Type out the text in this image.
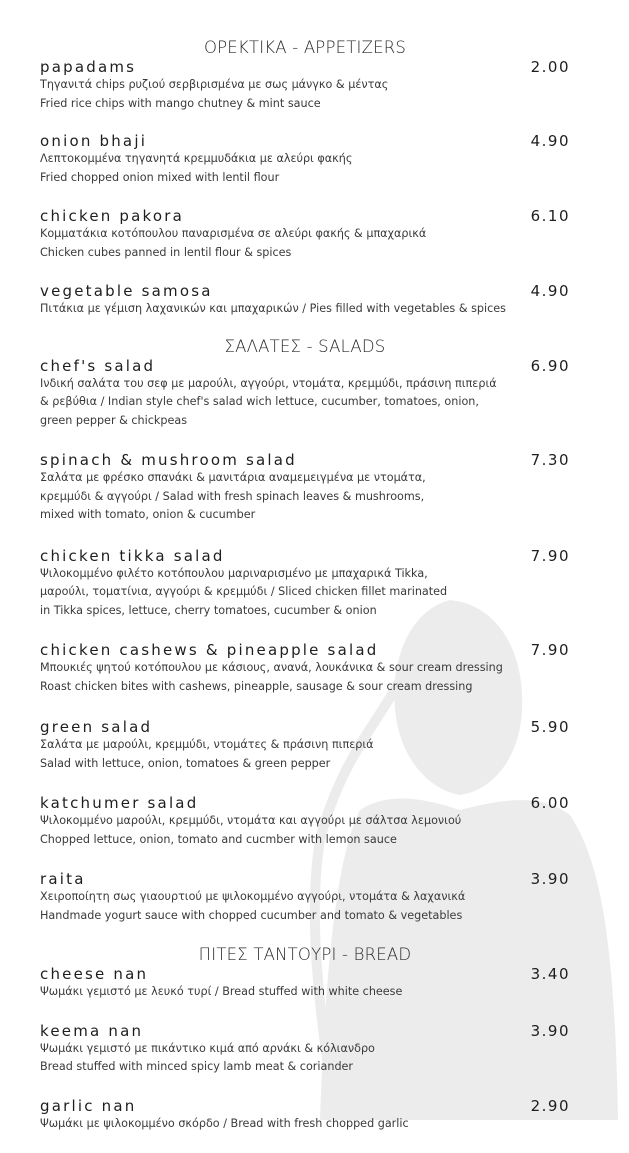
ΟΡΕΚΤΙΚΑ - APPETIZERS
papadams	2.00
Τηγανιτά chips ρυζιού σερβιρισμένα με σως μάνγκο & μέντας
Fried rice chips with mango chutney & mint sauce
onion bhaji	4.90
Λεπτοκομμένα τηγανητά κρεμμυδάκια με αλεύρι φακής
Fried chopped onion mixed with lentil flour
chicken pakora	6.10
Κομματάκια κοτόπουλου παναρισμένα σε αλεύρι φακής & μπαχαρικά
Chicken cubes panned in lentil flour & spices
vegetable samosa	4.90
Πιτάκια με γέμιση λαχανικών και μπαχαρικών / Pies filled with vegetables & spices
ΣΑΛΑΤΕΣ - SALADS
chef's salad	6.90
Ινδική σαλάτα του σεφ με μαρούλι, αγγούρι, ντομάτα, κρεμμύδι, πράσινη πιπεριά
& ρεβύθια / Indian style chef's salad wich lettuce, cucumber, tomatoes, onion,
green pepper & chickpeas
spinach & mushroom salad	7.30
Σαλάτα με φρέσκο σπανάκι & μανιτάρια αναμεμειγμένα με ντομάτα,
κρεμμύδι & αγγούρι / Salad with fresh spinach leaves & mushrooms,
mixed with tomato, onion & cucumber
chicken tikka salad	7.90
Ψιλοκομμένο φιλέτο κοτόπουλου μαριναρισμένο με μπαχαρικά Tikka,
μαρούλι, τοματίνια, αγγούρι & κρεμμύδι / Sliced chicken fillet marinated
in Tikka spices, lettuce, cherry tomatoes, cucumber & onion
chicken cashews & pineapple salad	7.90
Μπουκιές ψητού κοτόπουλου με κάσιους, ανανά, λουκάνικα & sour cream dressing
Roast chicken bites with cashews, pineapple, sausage & sour cream dressing
green salad	5.90
Σαλάτα με μαρούλι, κρεμμύδι, ντομάτες & πράσινη πιπεριά
Salad with lettuce, onion, tomatoes & green pepper
katchumer salad	6.00
Ψιλοκομμένο μαρούλι, κρεμμύδι, ντομάτα και αγγούρι με σάλτσα λεμονιού
Chopped lettuce, onion, tomato and cucmber with lemon sauce
raita	3.90
Χειροποίητη σως γιαουρτιού με ψιλοκομμένο αγγούρι, ντομάτα & λαχανικά
Handmade yogurt sauce with chopped cucumber and tomato & vegetables
ΠΙΤΕΣ ΤΑΝΤΟΥΡΙ - BREAD
cheese nan	3.40
Ψωμάκι γεμιστό με λευκό τυρί / Bread stuffed with white cheese
keema nan	3.90
Ψωμάκι γεμιστό με πικάντικο κιμά από αρνάκι & κόλιανδρο
Bread stuffed with minced spicy lamb meat & coriander
garlic nan	2.90
Ψωμάκι με ψιλοκομμένο σκόρδο / Bread with fresh chopped garlic
